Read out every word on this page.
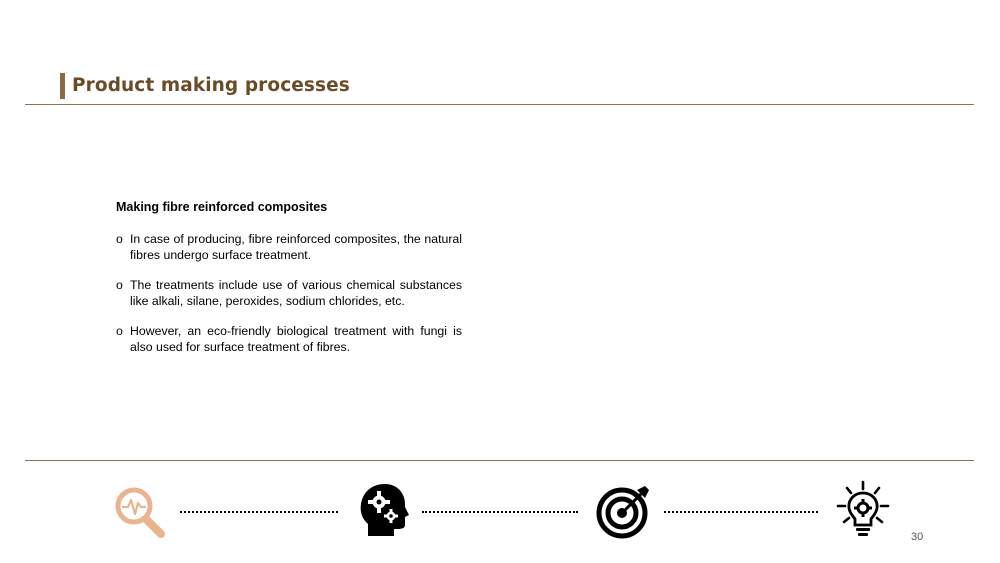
Product making processes
Making fibre reinforced composites
o In case of producing, fibre reinforced composites, the natural fibres undergo surface treatment.
o The treatments include use of various chemical substances like alkali, silane, peroxides, sodium chlorides, etc.
o However, an eco-friendly biological treatment with fungi is also used for surface treatment of fibres.
30
